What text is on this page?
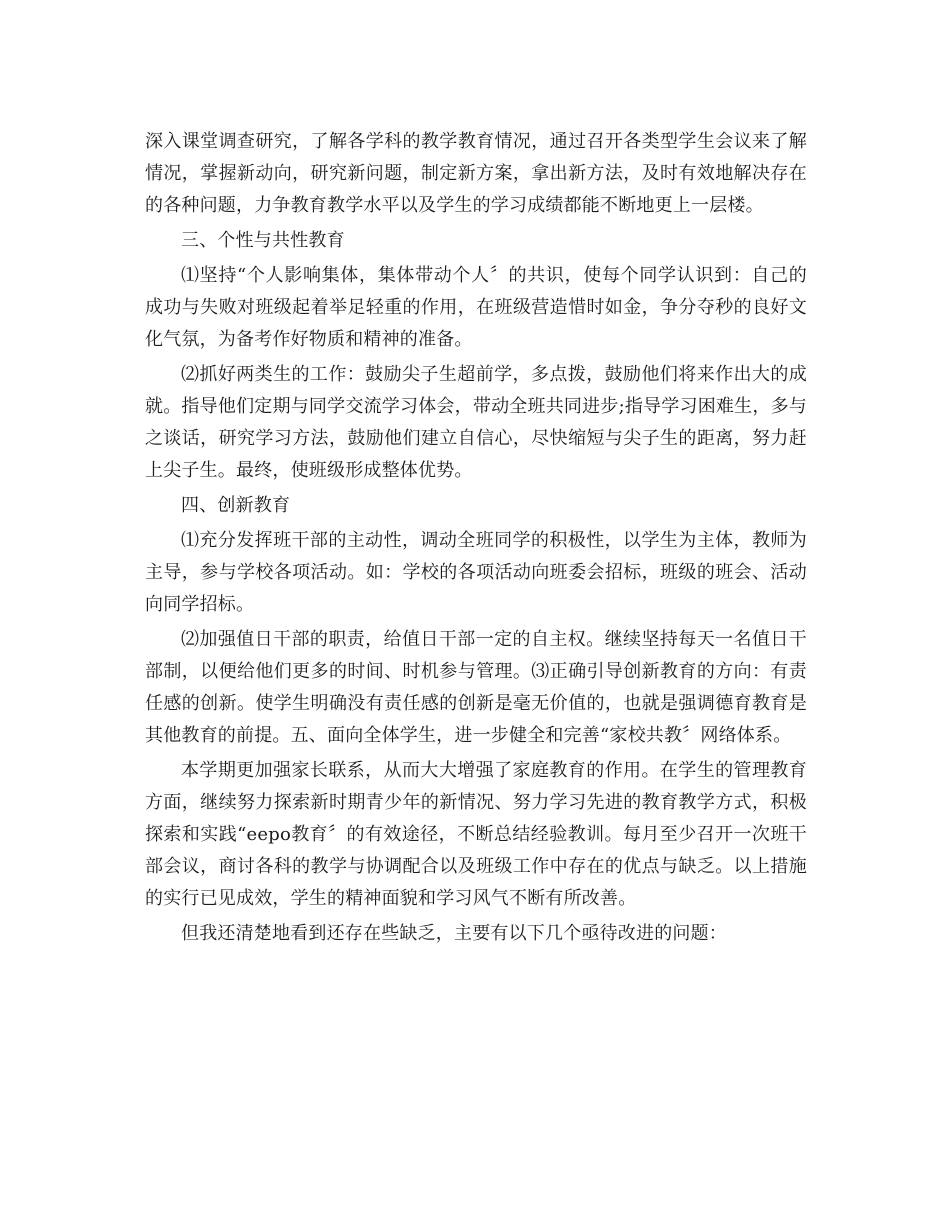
深入课堂调查研究，了解各学科的教学教育情况，通过召开各类型学生会议来了解情况，掌握新动向，研究新问题，制定新方案，拿出新方法，及时有效地解决存在的各种问题，力争教育教学水平以及学生的学习成绩都能不断地更上一层楼。

三、个性与共性教育

⑴坚持“个人影响集体，集体带动个人〞的共识，使每个同学认识到：自己的成功与失败对班级起着举足轻重的作用，在班级营造惜时如金，争分夺秒的良好文化气氛，为备考作好物质和精神的准备。

⑵抓好两类生的工作：鼓励尖子生超前学，多点拨，鼓励他们将来作出大的成就。指导他们定期与同学交流学习体会，带动全班共同进步;指导学习困难生，多与之谈话，研究学习方法，鼓励他们建立自信心，尽快缩短与尖子生的距离，努力赶上尖子生。最终，使班级形成整体优势。

四、创新教育

⑴充分发挥班干部的主动性，调动全班同学的积极性，以学生为主体，教师为主导，参与学校各项活动。如：学校的各项活动向班委会招标，班级的班会、活动向同学招标。

⑵加强值日干部的职责，给值日干部一定的自主权。继续坚持每天一名值日干部制，以便给他们更多的时间、时机参与管理。⑶正确引导创新教育的方向：有责任感的创新。使学生明确没有责任感的创新是毫无价值的，也就是强调德育教育是其他教育的前提。五、面向全体学生，进一步健全和完善“家校共教〞网络体系。

本学期更加强家长联系，从而大大增强了家庭教育的作用。在学生的管理教育方面，继续努力探索新时期青少年的新情况、努力学习先进的教育教学方式，积极探索和实践“eepo教育〞的有效途径，不断总结经验教训。每月至少召开一次班干部会议，商讨各科的教学与协调配合以及班级工作中存在的优点与缺乏。以上措施的实行已见成效，学生的精神面貌和学习风气不断有所改善。

但我还清楚地看到还存在些缺乏，主要有以下几个亟待改进的问题：
